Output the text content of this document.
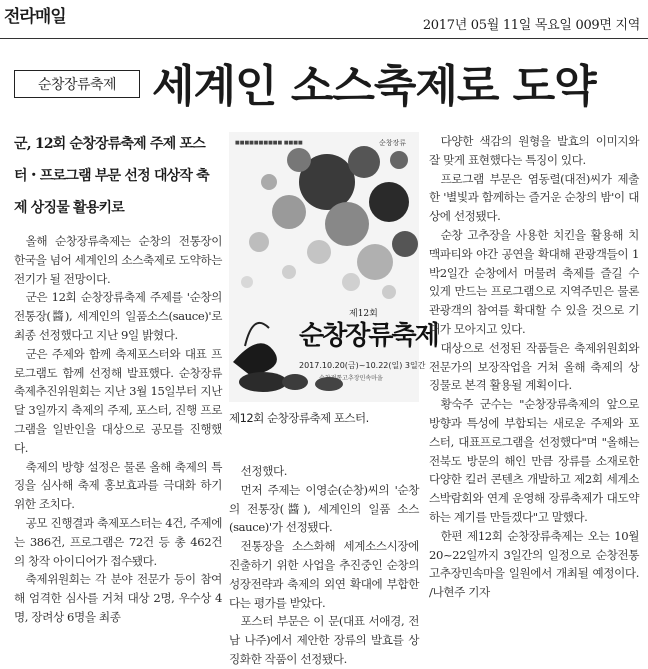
전라매일	2017년 05월 11일 목요일 009면 지역
순창장류축제 세계인 소스축제로 도약
군, 12회 순창장류축제 주제 포스터・프로그램 부문 선정 대상작 축제 상징물 활용키로

올해 순창장류축제는 순창의 전통장이 한국을 넘어 세계인의 소스축제로 도약하는 전기가 될 전망이다.

군은 12회 순창장류축제 주제를 '순창의 전통장(醬), 세계인의 일품소스(sauce)'로 최종 선정했다고 지난 9일 밝혔다.

군은 주제와 함께 축제포스터와 대표 프로그램도 함께 선정해 발표했다. 순창장류축제추진위원회는 지난 3월 15일부터 지난달 3일까지 축제의 주제, 포스터, 진행 프로그램을 일반인을 대상으로 공모를 진행했다.

축제의 방향 설정은 물론 올해 축제의 특징을 심사해 축제 홍보효과를 극대화 하기 위한 조치다.

공모 진행결과 축제포스터는 4건, 주제에는 386건, 프로그램은 72건 등 총 462건의 창작 아이디어가 접수됐다.

축제위원회는 각 분야 전문가 등이 참여해 엄격한 심사를 거쳐 대상 2명, 우수상 4명, 장려상 6명을 최종

■■■■■■■■■■ ■■■■	순창장류
제12회
순창장류축제
2017.10.20(금)~10.22(일) 3일간
순창전통고추장민속마을
제12회 순창장류축제 포스터.

선정했다.

먼저 주제는 이영순(순창)씨의 '순창의 전통장(醬), 세계인의 일품 소스(sauce)'가 선정됐다.

전통장을 소스화해 세계소스시장에 진출하기 위한 사업을 추진중인 순창의 성장전략과 축제의 외연 확대에 부합한다는 평가를 받았다.

포스터 부문은 이 문(대표 서애경, 전남 나주)에서 제안한 장류의 발효를 상징화한 작품이 선정됐다.

다양한 색감의 원형을 발효의 이미지와 잘 맞게 표현했다는 특징이 있다.

프로그램 부문은 염동렬(대전)씨가 제출한 '별빛과 함께하는 즐거운 순창의 밤'이 대상에 선정됐다.

순창 고추장을 사용한 치킨을 활용해 치맥파티와 야간 공연을 확대해 관광객들이 1박2일간 순창에서 머물려 축제를 즐길 수 있게 만드는 프로그램으로 지역주민은 물론 관광객의 참여를 확대할 수 있을 것으로 기대가 모아지고 있다.

대상으로 선정된 작품들은 축제위원회와 전문가의 보장작업을 거쳐 올해 축제의 상징물로 본격 활용될 계획이다.

황숙주 군수는 "순창장류축제의 앞으로 방향과 특성에 부합되는 새로운 주제와 포스터, 대표프로그램을 선정했다"며 "올해는 전북도 방문의 해인 만큼 장류를 소재로한 다양한 킬러 콘텐츠 개발하고 제2회 세계소스박람회와 연계 운영해 장류축제가 대도약 하는 계기를 만들겠다"고 말했다.

한편 제12회 순창장류축제는 오는 10월 20~22일까지 3일간의 일정으로 순창전통고추장민속마을 일원에서 개최될 예정이다. /나현주 기자
